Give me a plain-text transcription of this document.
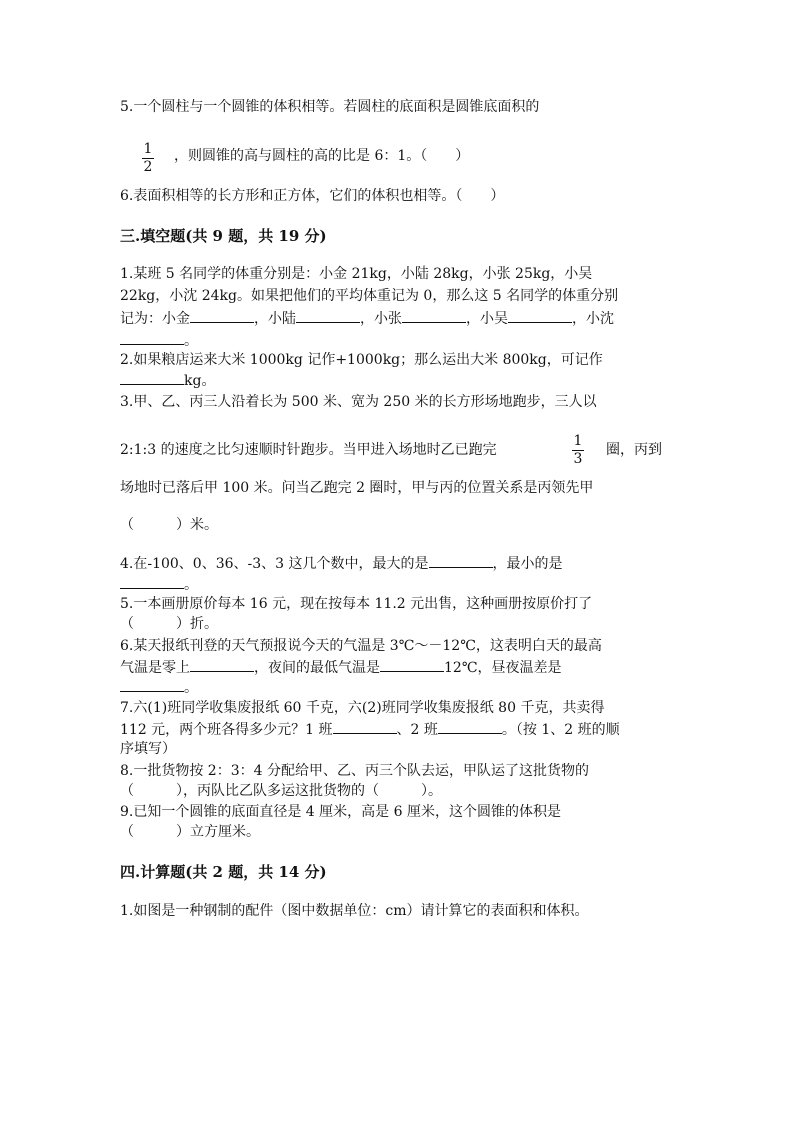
5.一个圆柱与一个圆锥的体积相等。若圆柱的底面积是圆锥底面积的
1
2
，则圆锥的高与圆柱的高的比是 6：1。（　　）
6.表面积相等的长方形和正方体，它们的体积也相等。（　　）
三.填空题(共 9 题，共 19 分)
1.某班 5 名同学的体重分别是：小金 21kg，小陆 28kg，小张 25kg，小吴
22kg，小沈 24kg。如果把他们的平均体重记为 0，那么这 5 名同学的体重分别
记为：小金	，小陆	，小张	，小吴	，小沈
。
2.如果粮店运来大米 1000kg 记作+1000kg；那么运出大米 800kg，可记作
kg。
3.甲、乙、丙三人沿着长为 500 米、宽为 250 米的长方形场地跑步，三人以
2:1:3 的速度之比匀速顺时针跑步。当甲进入场地时乙已跑完
1
3
圈，丙到
场地时已落后甲 100 米。问当乙跑完 2 圈时，甲与丙的位置关系是丙领先甲
（　　　）米。
4.在-100、0、36、-3、3 这几个数中，最大的是	，最小的是
。
5.一本画册原价每本 16 元，现在按每本 11.2 元出售，这种画册按原价打了
（　　　）折。
6.某天报纸刊登的天气预报说今天的气温是 3℃～－12℃，这表明白天的最高
气温是零上	，夜间的最低气温是	12℃，昼夜温差是
。
7.六(1)班同学收集废报纸 60 千克，六(2)班同学收集废报纸 80 千克，共卖得
112 元，两个班各得多少元？1 班	、2 班	。（按 1、2 班的顺
序填写）
8.一批货物按 2：3：4 分配给甲、乙、丙三个队去运，甲队运了这批货物的
（　　　），丙队比乙队多运这批货物的（　　　）。
9.已知一个圆锥的底面直径是 4 厘米，高是 6 厘米，这个圆锥的体积是
（　　　）立方厘米。
四.计算题(共 2 题，共 14 分)
1.如图是一种钢制的配件（图中数据单位：cm）请计算它的表面积和体积。
